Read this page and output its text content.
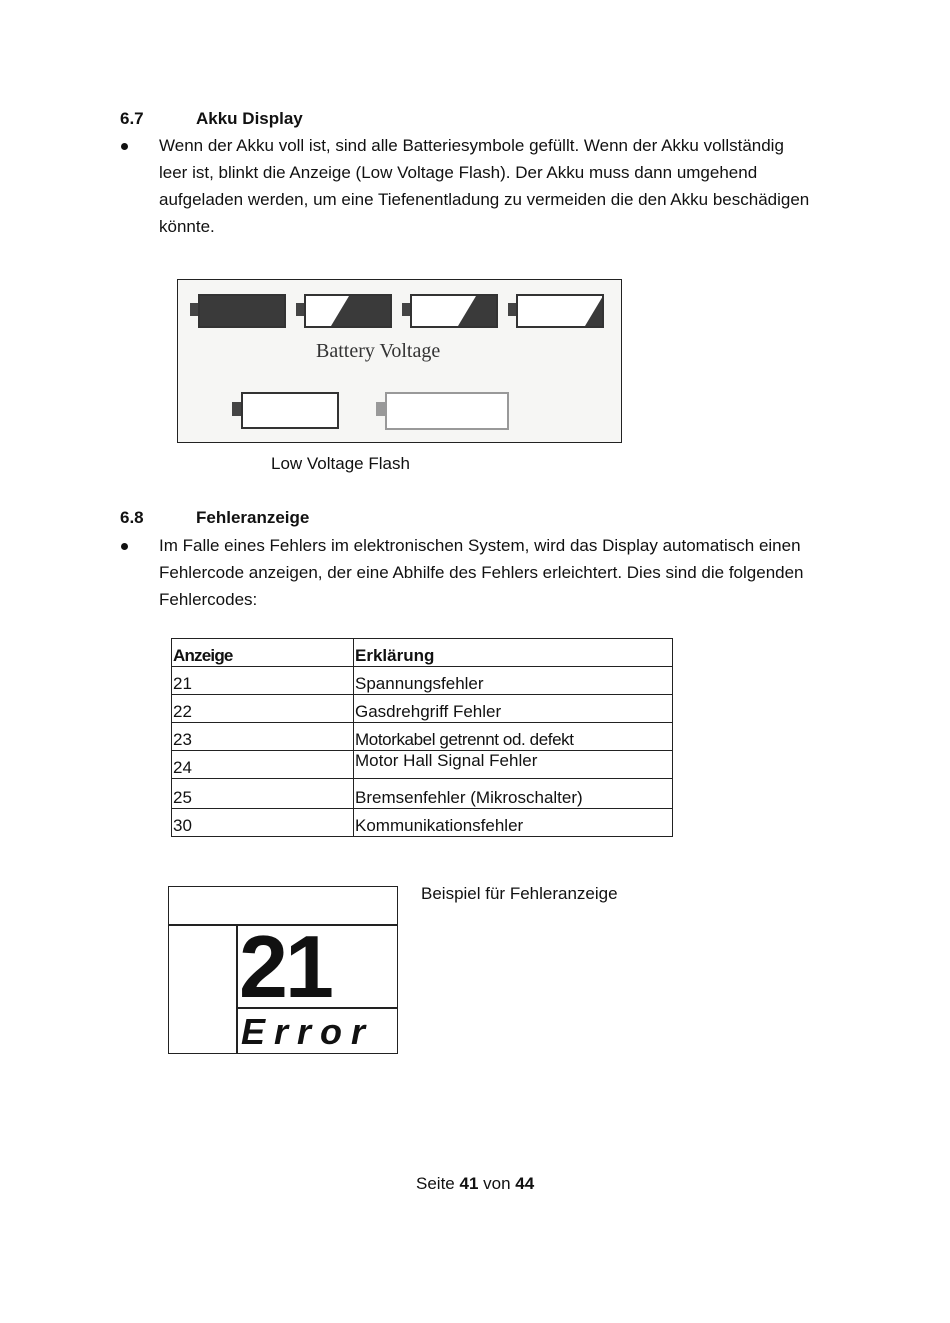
6.7	Akku Display
Wenn der Akku voll ist, sind alle Batteriesymbole gefüllt. Wenn der Akku vollständig
leer ist, blinkt die Anzeige (Low Voltage Flash). Der Akku muss dann umgehend
aufgeladen werden, um eine Tiefenentladung zu vermeiden die den Akku beschädigen
könnte.
Battery Voltage
Low Voltage Flash
6.8	Fehleranzeige
Im Falle eines Fehlers im elektronischen System, wird das Display automatisch einen
Fehlercode anzeigen, der eine Abhilfe des Fehlers erleichtert. Dies sind die folgenden
Fehlercodes:
Anzeige	Erklärung
21	Spannungsfehler
22	Gasdrehgriff Fehler
23	Motorkabel getrennt od. defekt
24	Motor Hall Signal Fehler
25	Bremsenfehler (Mikroschalter)
30	Kommunikationsfehler
21
Error
Beispiel für Fehleranzeige
Seite 41 von 44
